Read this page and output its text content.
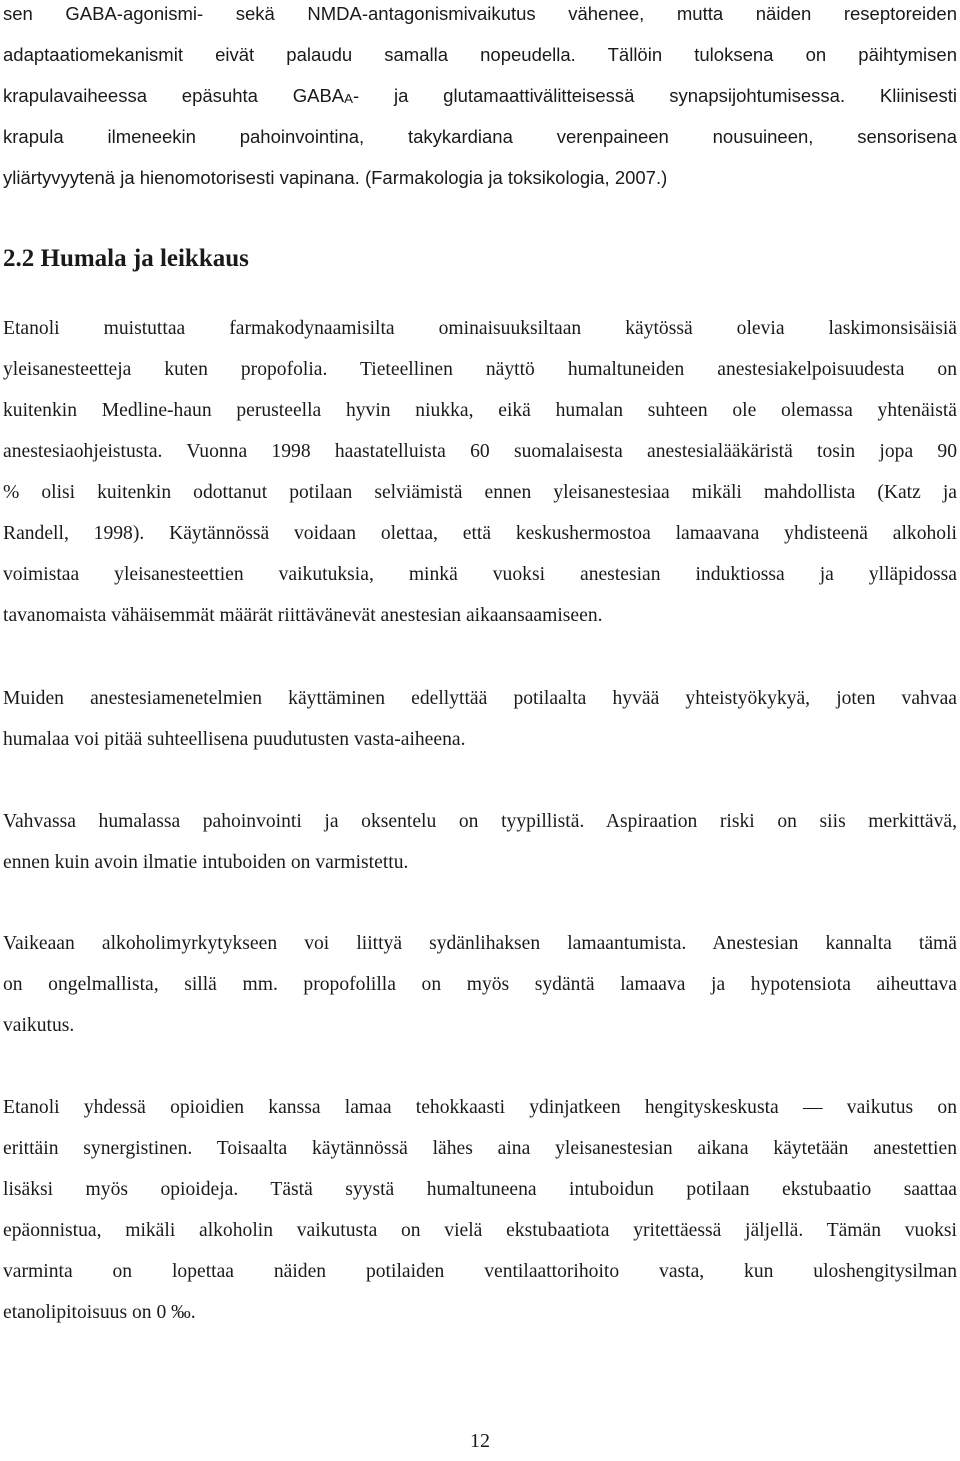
sen GABA-agonismi- sekä NMDA-antagonismivaikutus vähenee, mutta näiden reseptoreiden
adaptaatiomekanismit eivät palaudu samalla nopeudella. Tällöin tuloksena on päihtymisen
krapulavaiheessa epäsuhta GABAA- ja glutamaattivälitteisessä synapsijohtumisessa. Kliinisesti
krapula ilmeneekin pahoinvointina, takykardiana verenpaineen nousuineen, sensorisena
yliärtyvyytenä ja hienomotorisesti vapinana. (Farmakologia ja toksikologia, 2007.)
2.2 Humala ja leikkaus
Etanoli muistuttaa farmakodynaamisilta ominaisuuksiltaan käytössä olevia laskimonsisäisiä
yleisanesteetteja kuten propofolia. Tieteellinen näyttö humaltuneiden anestesiakelpoisuudesta on
kuitenkin Medline-haun perusteella hyvin niukka, eikä humalan suhteen ole olemassa yhtenäistä
anestesiaohjeistusta. Vuonna 1998 haastatelluista 60 suomalaisesta anestesialääkäristä tosin jopa 90
% olisi kuitenkin odottanut potilaan selviämistä ennen yleisanestesiaa mikäli mahdollista (Katz ja
Randell, 1998). Käytännössä voidaan olettaa, että keskushermostoa lamaavana yhdisteenä alkoholi
voimistaa yleisanesteettien vaikutuksia, minkä vuoksi anestesian induktiossa ja ylläpidossa
tavanomaista vähäisemmät määrät riittävänevät anestesian aikaansaamiseen.
Muiden anestesiamenetelmien käyttäminen edellyttää potilaalta hyvää yhteistyökykyä, joten vahvaa
humalaa voi pitää suhteellisena puudutusten vasta-aiheena.
Vahvassa humalassa pahoinvointi ja oksentelu on tyypillistä. Aspiraation riski on siis merkittävä,
ennen kuin avoin ilmatie intuboiden on varmistettu.
Vaikeaan alkoholimyrkytykseen voi liittyä sydänlihaksen lamaantumista. Anestesian kannalta tämä
on ongelmallista, sillä mm. propofolilla on myös sydäntä lamaava ja hypotensiota aiheuttava
vaikutus.
Etanoli yhdessä opioidien kanssa lamaa tehokkaasti ydinjatkeen hengityskeskusta — vaikutus on
erittäin synergistinen. Toisaalta käytännössä lähes aina yleisanestesian aikana käytetään anestettien
lisäksi myös opioideja. Tästä syystä humaltuneena intuboidun potilaan ekstubaatio saattaa
epäonnistua, mikäli alkoholin vaikutusta on vielä ekstubaatiota yritettäessä jäljellä. Tämän vuoksi
varminta on lopettaa näiden potilaiden ventilaattorihoito vasta, kun uloshengitysilman
etanolipitoisuus on 0 ‰.
12
